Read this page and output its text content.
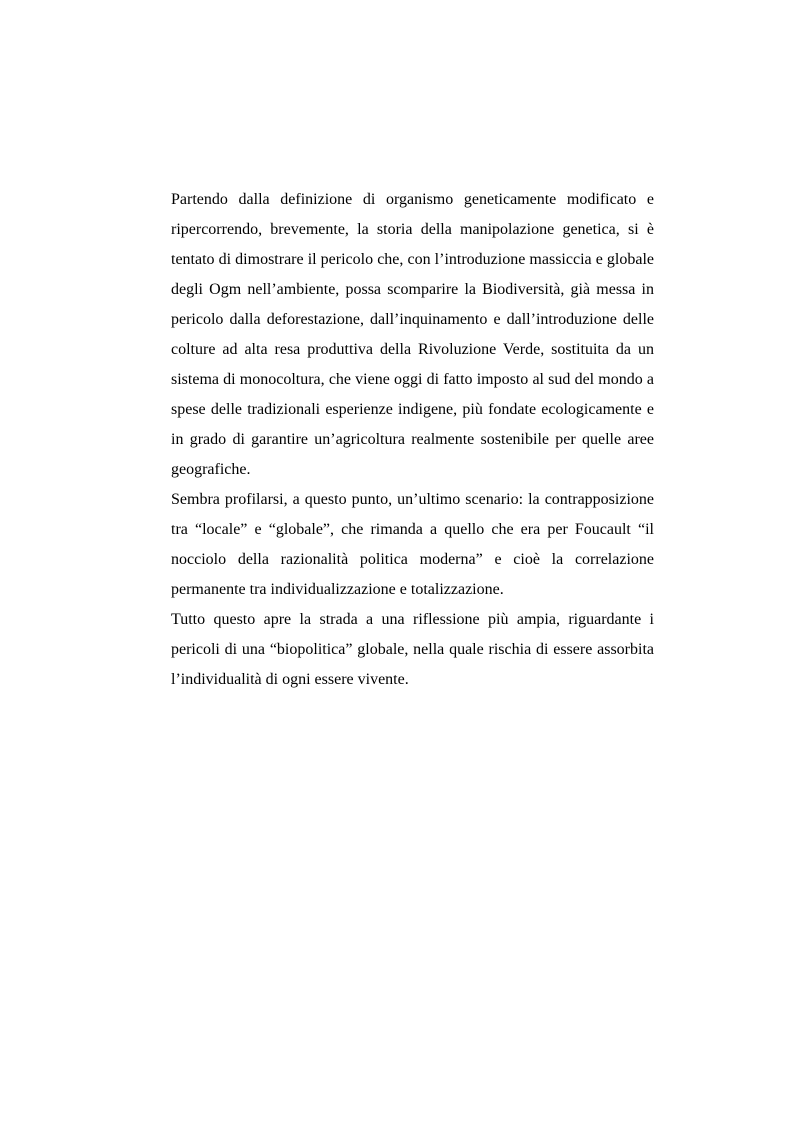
Partendo dalla definizione di organismo geneticamente modificato e ripercorrendo, brevemente, la storia della manipolazione genetica, si è tentato di dimostrare il pericolo che, con l’introduzione massiccia e globale degli Ogm nell’ambiente, possa scomparire la Biodiversità, già messa in pericolo dalla deforestazione, dall’inquinamento e dall’introduzione delle colture ad alta resa produttiva della Rivoluzione Verde, sostituita da un sistema di monocoltura, che viene oggi di fatto imposto al sud del mondo a spese delle tradizionali esperienze indigene, più fondate ecologicamente e in grado di garantire un’agricoltura realmente sostenibile per quelle aree geografiche.

Sembra profilarsi, a questo punto, un’ultimo scenario: la contrapposizione tra “locale” e “globale”, che rimanda a quello che era per Foucault “il nocciolo della razionalità politica moderna” e cioè la correlazione permanente tra individualizzazione e totalizzazione.

Tutto questo apre la strada a una riflessione più ampia, riguardante i pericoli di una “biopolitica” globale, nella quale rischia di essere assorbita l’individualità di ogni essere vivente.
